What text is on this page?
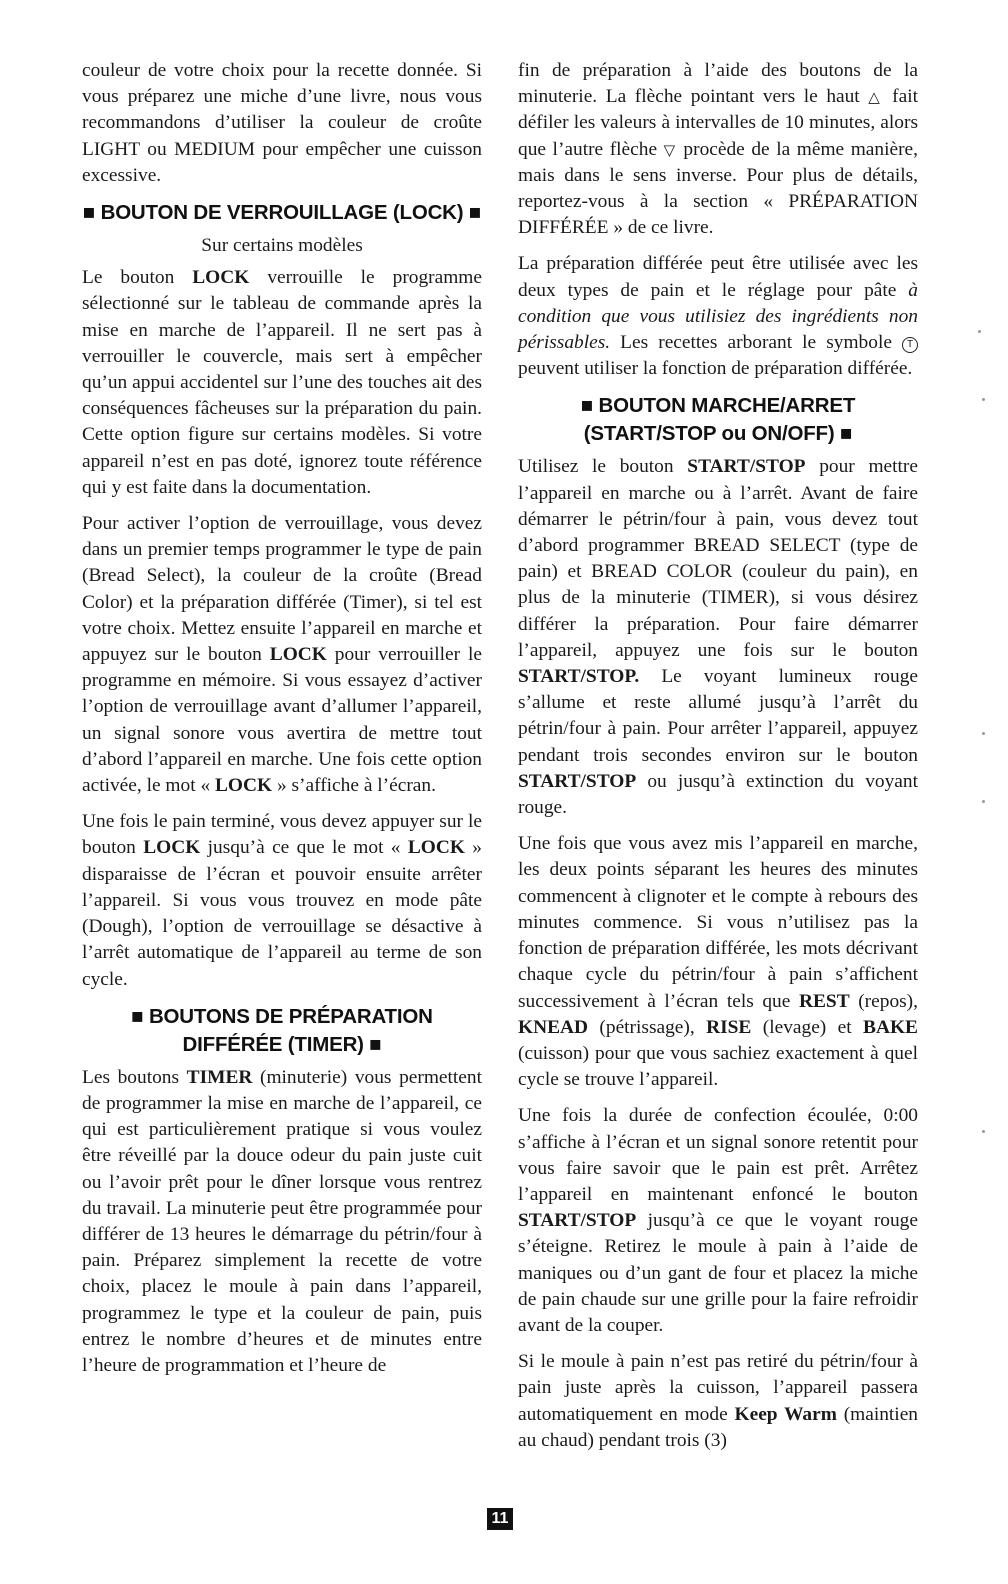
couleur de votre choix pour la recette donnée. Si vous préparez une miche d’une livre, nous vous recommandons d’utiliser la couleur de croûte LIGHT ou MEDIUM pour empêcher une cuisson excessive.

■ BOUTON DE VERROUILLAGE (LOCK) ■
Sur certains modèles

Le bouton LOCK verrouille le programme sélectionné sur le tableau de commande après la mise en marche de l’appareil. Il ne sert pas à verrouiller le couvercle, mais sert à empêcher qu’un appui accidentel sur l’une des touches ait des conséquences fâcheuses sur la préparation du pain. Cette option figure sur certains modèles. Si votre appareil n’est en pas doté, ignorez toute référence qui y est faite dans la documentation.

Pour activer l’option de verrouillage, vous devez dans un premier temps programmer le type de pain (Bread Select), la couleur de la croûte (Bread Color) et la préparation différée (Timer), si tel est votre choix. Mettez ensuite l’appareil en marche et appuyez sur le bouton LOCK pour verrouiller le programme en mémoire. Si vous essayez d’activer l’option de verrouillage avant d’allumer l’appareil, un signal sonore vous avertira de mettre tout d’abord l’appareil en marche. Une fois cette option activée, le mot « LOCK » s’affiche à l’écran.

Une fois le pain terminé, vous devez appuyer sur le bouton LOCK jusqu’à ce que le mot « LOCK » disparaisse de l’écran et pouvoir ensuite arrêter l’appareil. Si vous vous trouvez en mode pâte (Dough), l’option de verrouillage se désactive à l’arrêt automatique de l’appareil au terme de son cycle.

■ BOUTONS DE PRÉPARATION DIFFÉRÉE (TIMER) ■

Les boutons TIMER (minuterie) vous permettent de programmer la mise en marche de l’appareil, ce qui est particulièrement pratique si vous voulez être réveillé par la douce odeur du pain juste cuit ou l’avoir prêt pour le dîner lorsque vous rentrez du travail. La minuterie peut être programmée pour différer de 13 heures le démarrage du pétrin/four à pain. Préparez simplement la recette de votre choix, placez le moule à pain dans l’appareil, programmez le type et la couleur de pain, puis entrez le nombre d’heures et de minutes entre l’heure de programmation et l’heure de

fin de préparation à l’aide des boutons de la minuterie. La flèche pointant vers le haut △ fait défiler les valeurs à intervalles de 10 minutes, alors que l’autre flèche ▽ procède de la même manière, mais dans le sens inverse. Pour plus de détails, reportez-vous à la section « PRÉPARATION DIFFÉRÉE » de ce livre.

La préparation différée peut être utilisée avec les deux types de pain et le réglage pour pâte à condition que vous utilisiez des ingrédients non périssables. Les recettes arborant le symbole T peuvent utiliser la fonction de préparation différée.

■ BOUTON MARCHE/ARRET (START/STOP ou ON/OFF) ■

Utilisez le bouton START/STOP pour mettre l’appareil en marche ou à l’arrêt. Avant de faire démarrer le pétrin/four à pain, vous devez tout d’abord programmer BREAD SELECT (type de pain) et BREAD COLOR (couleur du pain), en plus de la minuterie (TIMER), si vous désirez différer la préparation. Pour faire démarrer l’appareil, appuyez une fois sur le bouton START/STOP. Le voyant lumineux rouge s’allume et reste allumé jusqu’à l’arrêt du pétrin/four à pain. Pour arrêter l’appareil, appuyez pendant trois secondes environ sur le bouton START/STOP ou jusqu’à extinction du voyant rouge.

Une fois que vous avez mis l’appareil en marche, les deux points séparant les heures des minutes commencent à clignoter et le compte à rebours des minutes commence. Si vous n’utilisez pas la fonction de préparation différée, les mots décrivant chaque cycle du pétrin/four à pain s’affichent successivement à l’écran tels que REST (repos), KNEAD (pétrissage), RISE (levage) et BAKE (cuisson) pour que vous sachiez exactement à quel cycle se trouve l’appareil.

Une fois la durée de confection écoulée, 0:00 s’affiche à l’écran et un signal sonore retentit pour vous faire savoir que le pain est prêt. Arrêtez l’appareil en maintenant enfoncé le bouton START/STOP jusqu’à ce que le voyant rouge s’éteigne. Retirez le moule à pain à l’aide de maniques ou d’un gant de four et placez la miche de pain chaude sur une grille pour la faire refroidir avant de la couper.

Si le moule à pain n’est pas retiré du pétrin/four à pain juste après la cuisson, l’appareil passera automatiquement en mode Keep Warm (maintien au chaud) pendant trois (3)

11
